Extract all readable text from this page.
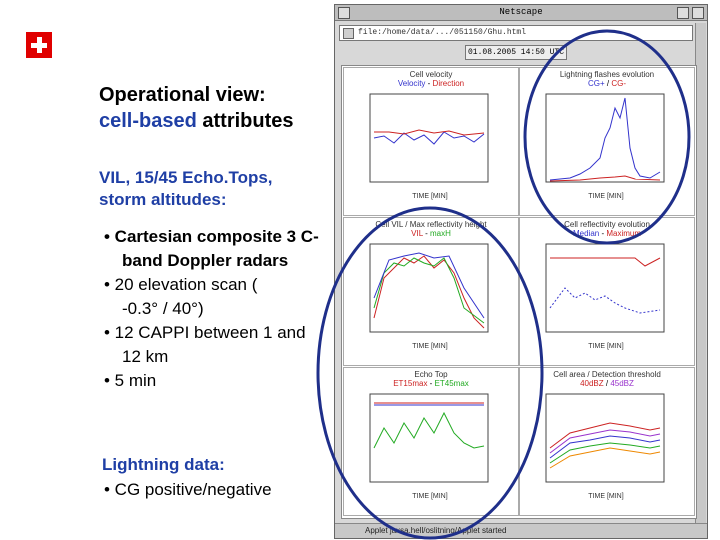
Operational view:
cell-based attributes
VIL, 15/45 Echo.Tops,
storm altitudes:
• Cartesian composite 3 C-band Doppler radars
• 20 elevation scan (
-0.3° / 40°)
• 12 CAPPI between 1 and 12 km
• 5 min
Lightning data:
• CG positive/negative
Netscape
file:/home/data/.../051150/Ghu.html
01.08.2005 14:50 UTC
Cell velocity
Velocity - Direction
TIME [MIN]
Lightning flashes evolution
CG+ / CG-
TIME [MIN]
Cell VIL / Max reflectivity height
VIL - maxH
TIME [MIN]
Cell reflectivity evolution
Median - Maximum
TIME [MIN]
Echo Top
ET15max - ET45max
TIME [MIN]
Cell area / Detection threshold
40dBZ / 45dBZ
TIME [MIN]
Applet jaxsa.hell/oslitning/Applet started
